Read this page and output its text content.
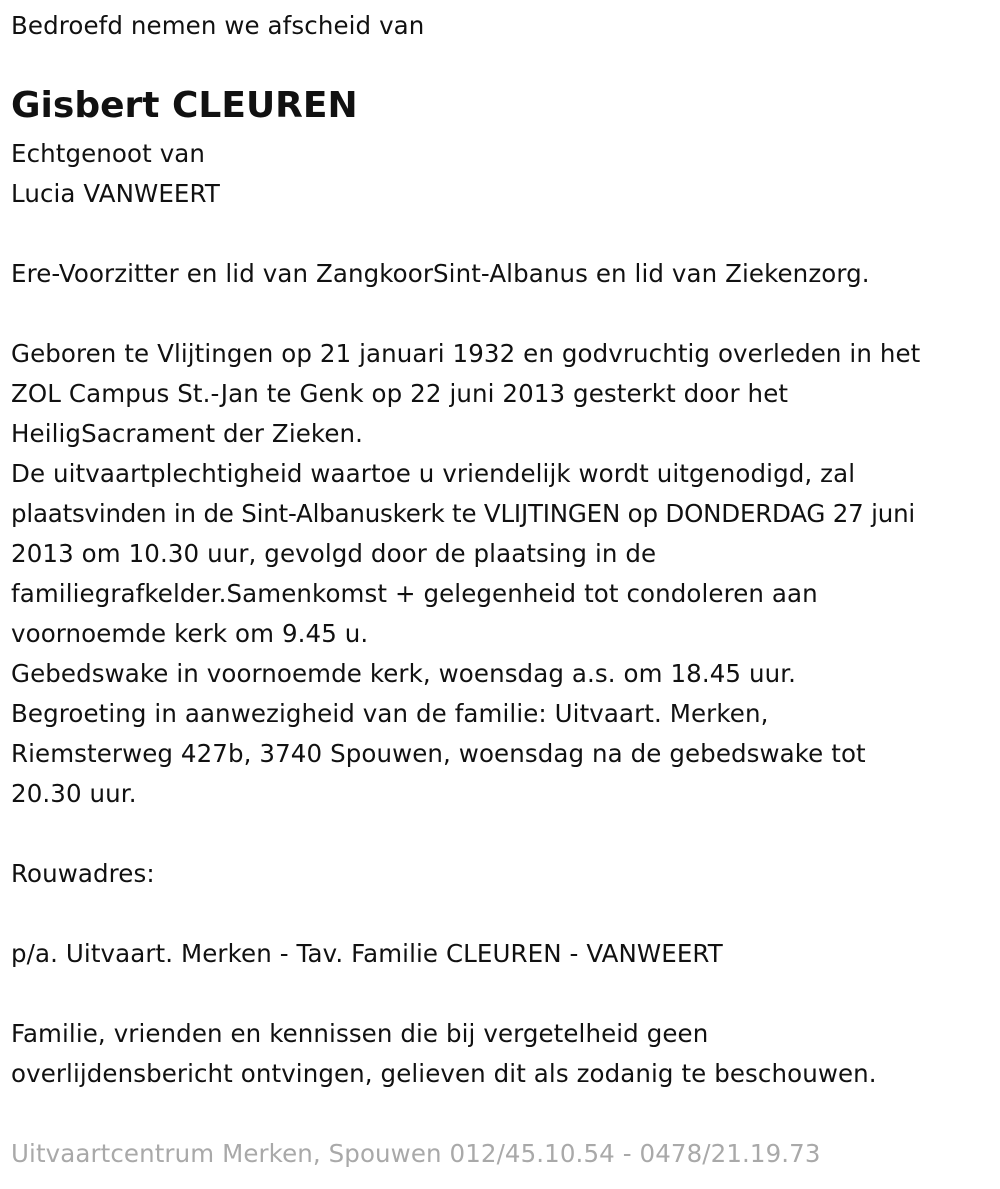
Bedroefd nemen we afscheid van
Gisbert CLEUREN
Echtgenoot van
Lucia VANWEERT
Ere-Voorzitter en lid van ZangkoorSint-Albanus en lid van Ziekenzorg.
Geboren te Vlijtingen op 21 januari 1932 en godvruchtig overleden in het
ZOL Campus St.-Jan te Genk op 22 juni 2013 gesterkt door het
HeiligSacrament der Zieken.
De uitvaartplechtigheid waartoe u vriendelijk wordt uitgenodigd, zal
plaatsvinden in de Sint-Albanuskerk te VLIJTINGEN op DONDERDAG 27 juni
2013 om 10.30 uur, gevolgd door de plaatsing in de
familiegrafkelder.Samenkomst + gelegenheid tot condoleren aan
voornoemde kerk om 9.45 u.
Gebedswake in voornoemde kerk, woensdag a.s. om 18.45 uur.
Begroeting in aanwezigheid van de familie: Uitvaart. Merken,
Riemsterweg 427b, 3740 Spouwen, woensdag na de gebedswake tot
20.30 uur.
Rouwadres:
p/a. Uitvaart. Merken - Tav. Familie CLEUREN - VANWEERT
Familie, vrienden en kennissen die bij vergetelheid geen
overlijdensbericht ontvingen, gelieven dit als zodanig te beschouwen.
Uitvaartcentrum Merken, Spouwen 012/45.10.54 - 0478/21.19.73
